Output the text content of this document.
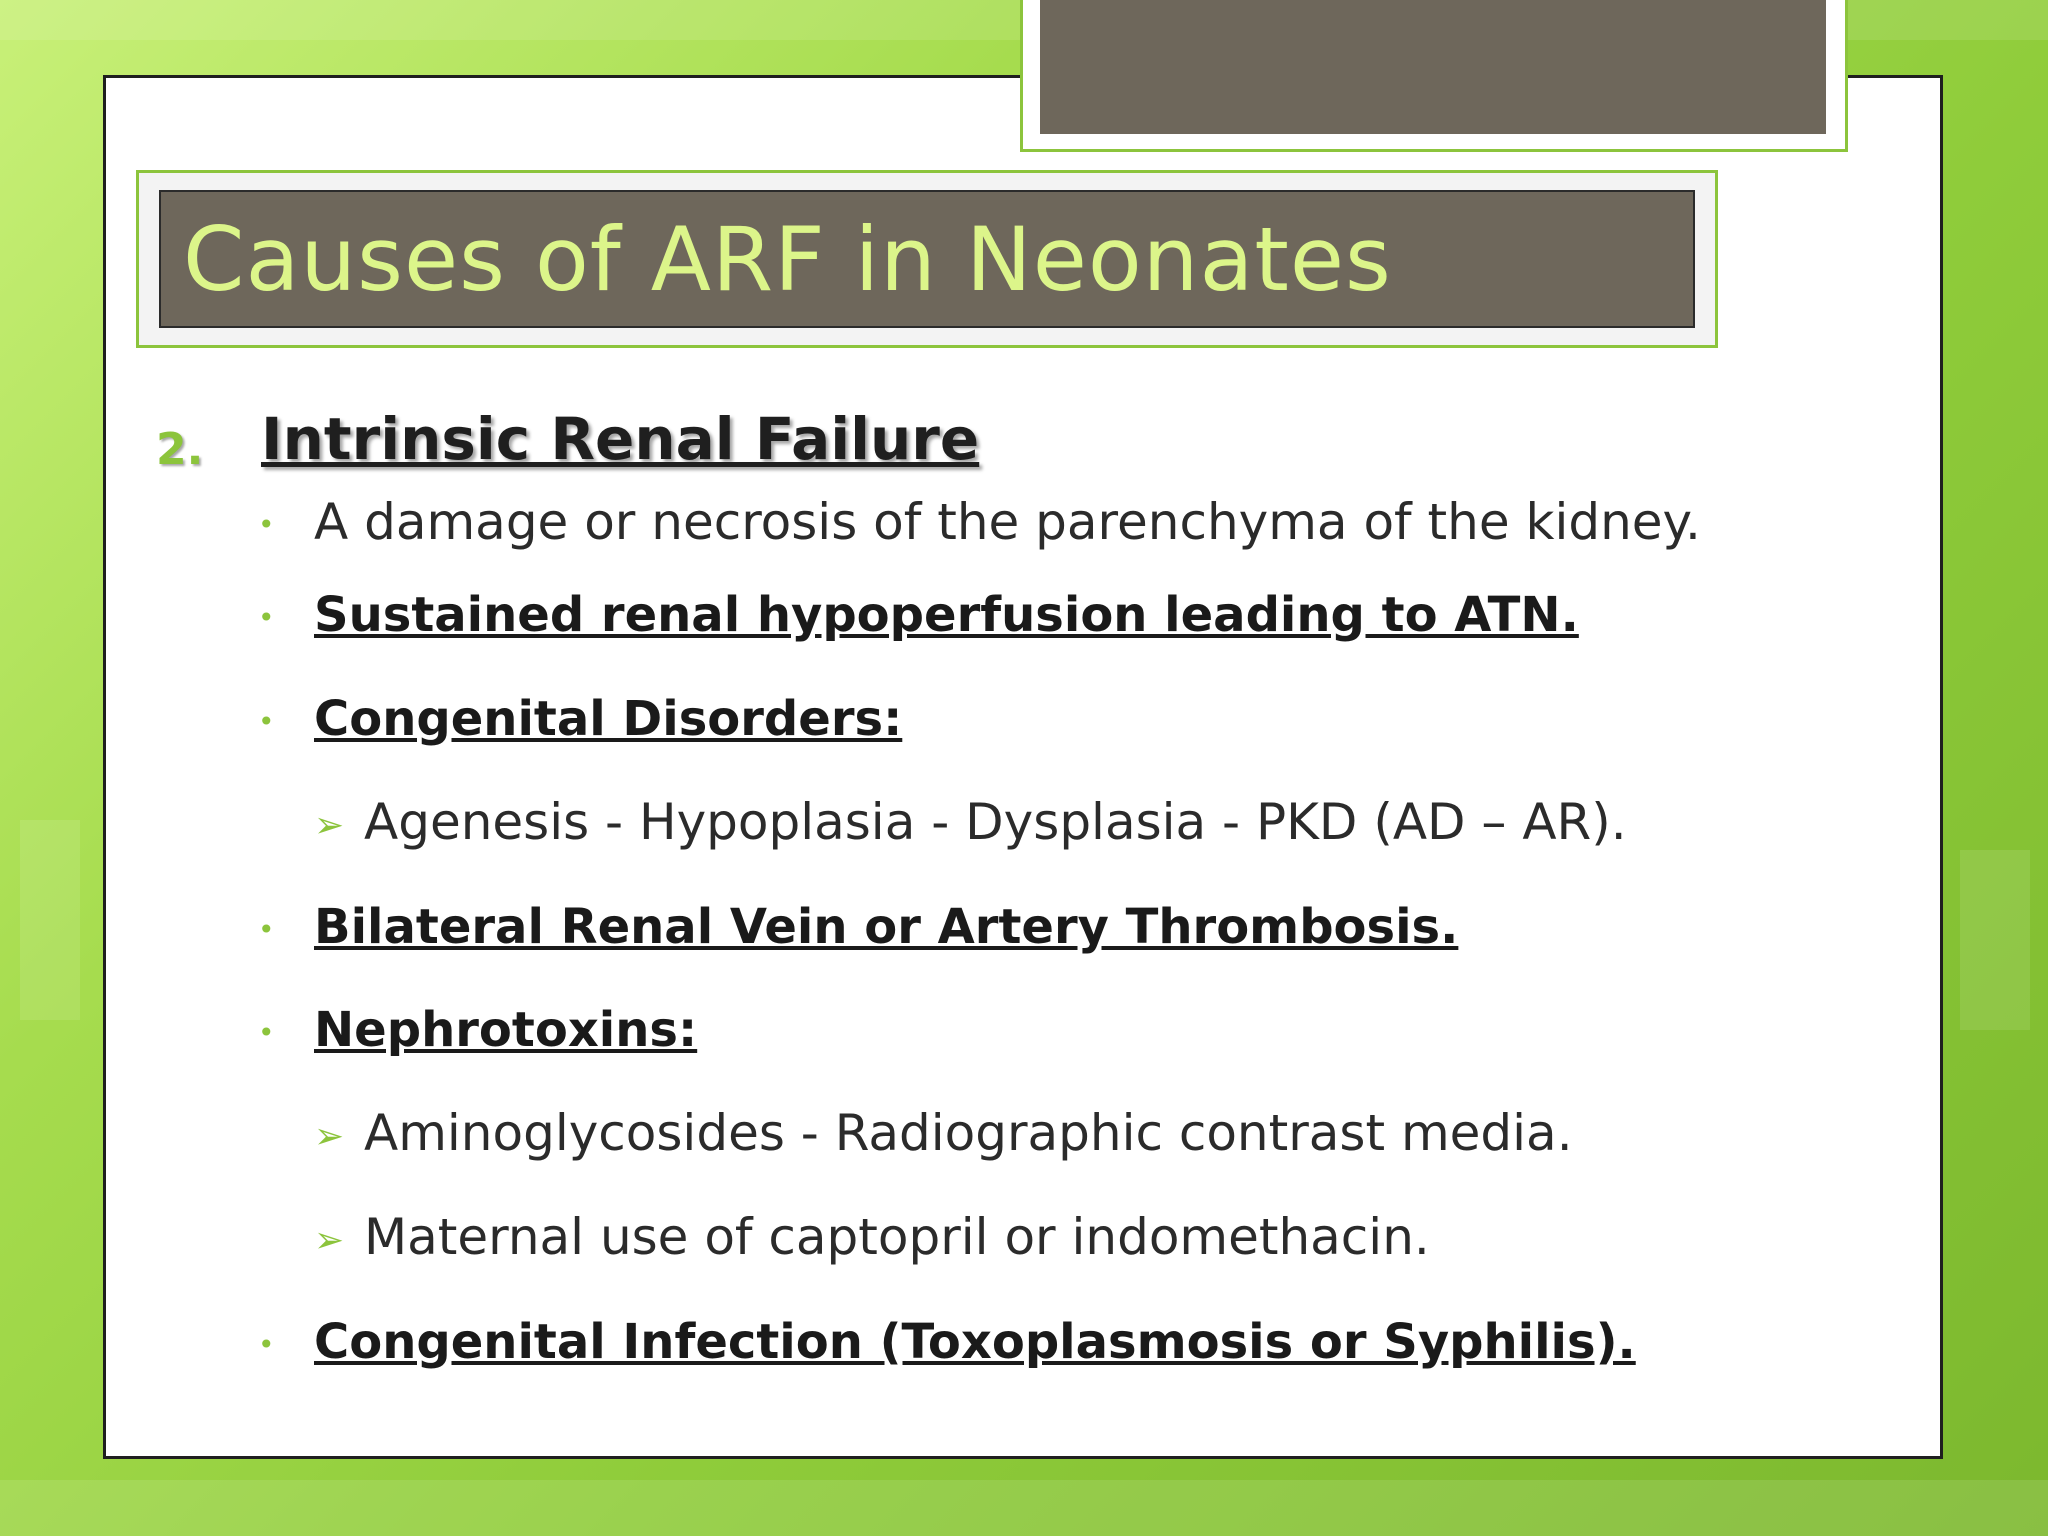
Causes of ARF in Neonates
2. Intrinsic Renal Failure
• A damage or necrosis of the parenchyma of the kidney.
• Sustained renal hypoperfusion leading to ATN.
• Congenital Disorders:
➢ Agenesis - Hypoplasia - Dysplasia - PKD (AD – AR).
• Bilateral Renal Vein or Artery Thrombosis.
• Nephrotoxins:
➢ Aminoglycosides - Radiographic contrast media.
➢ Maternal use of captopril or indomethacin.
• Congenital Infection (Toxoplasmosis or Syphilis).
